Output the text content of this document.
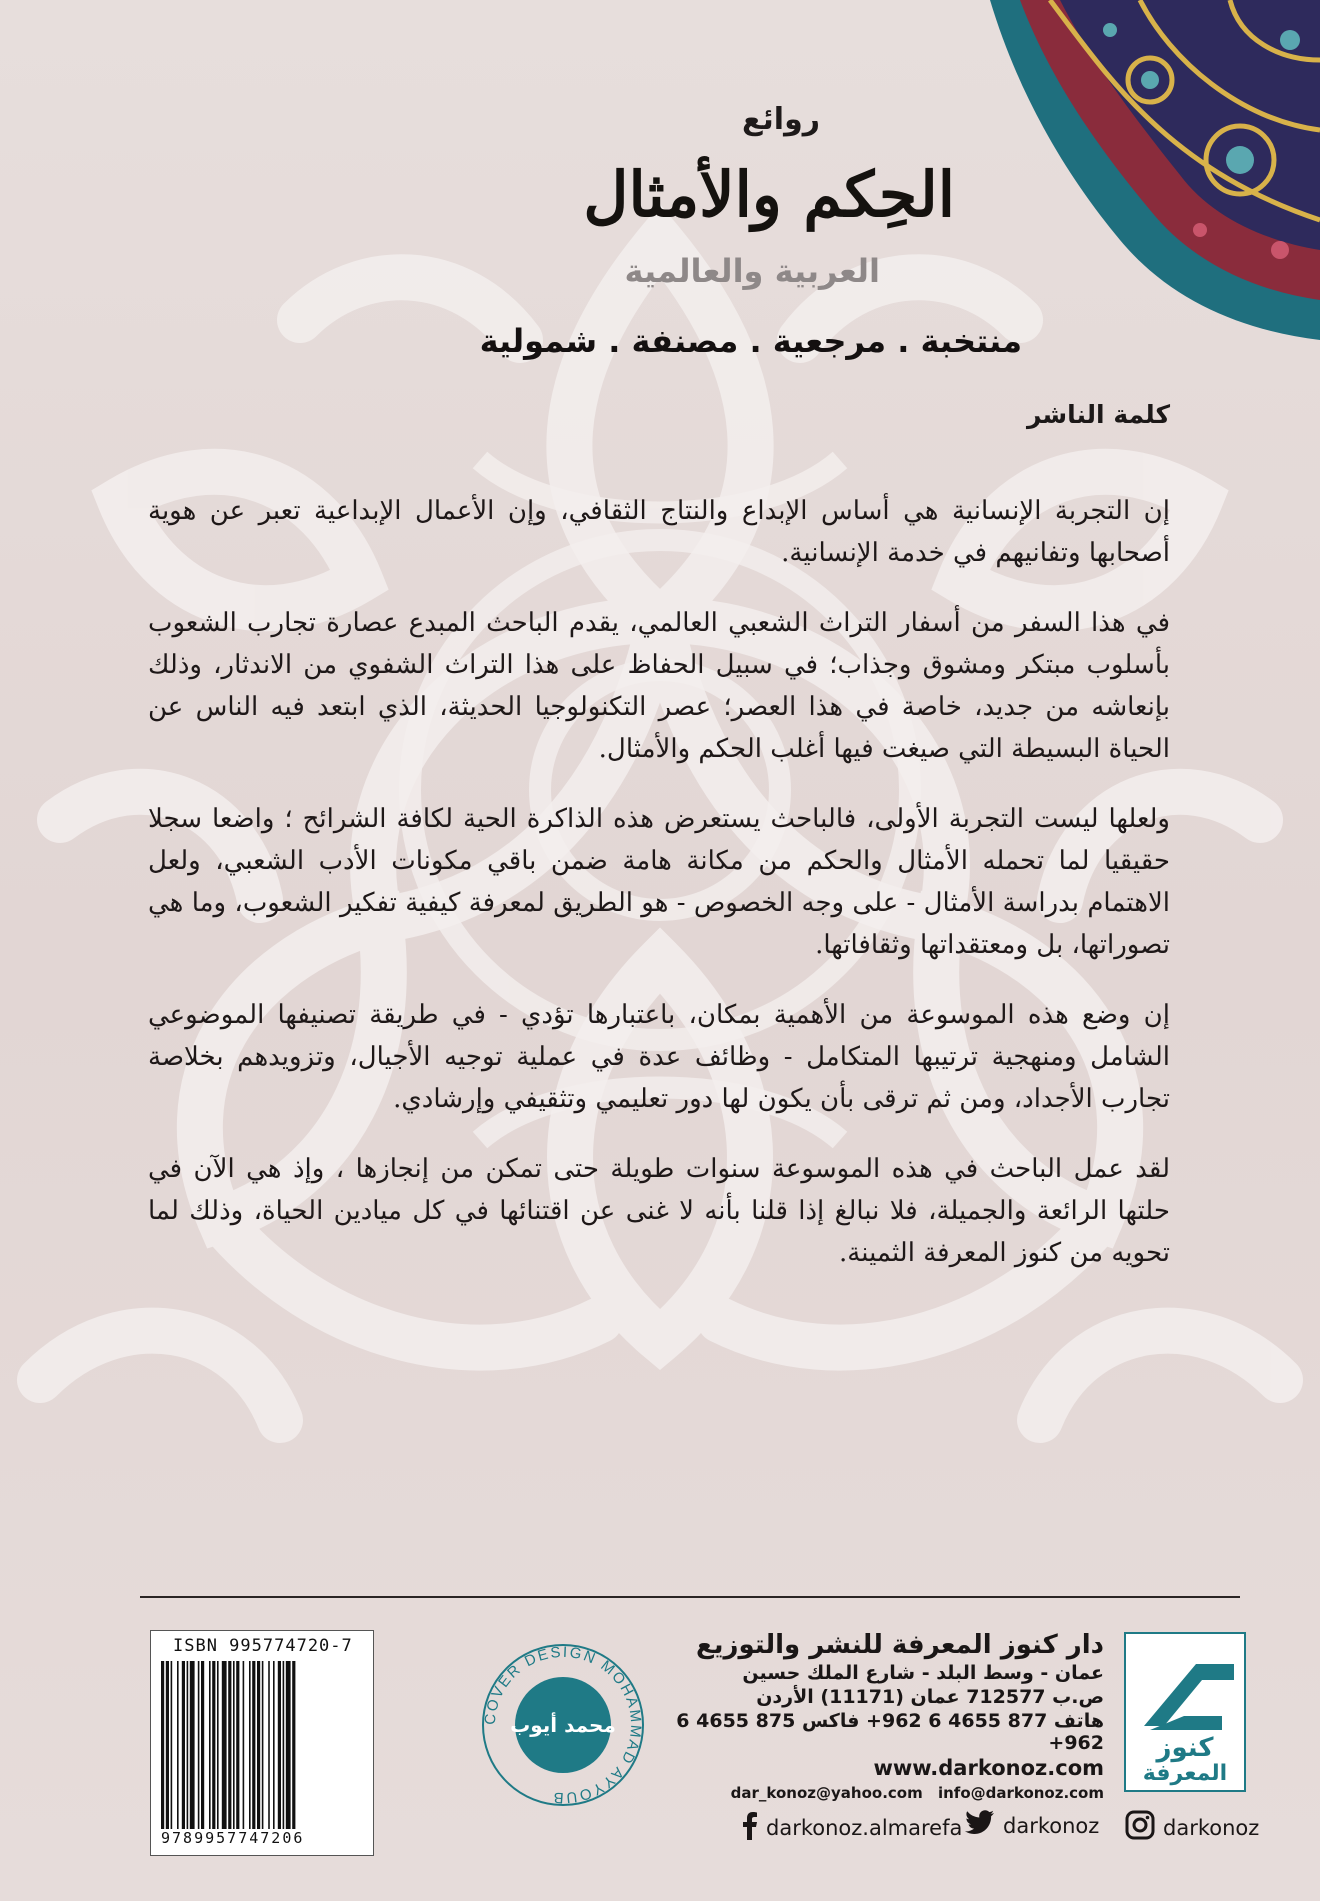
روائع
الحِكم والأمثال
العربية والعالمية
منتخبة . مرجعية . مصنفة . شمولية
كلمة الناشر

إن التجربة الإنسانية هي أساس الإبداع والنتاج الثقافي، وإن الأعمال الإبداعية تعبر عن هوية أصحابها وتفانيهم في خدمة الإنسانية.

في هذا السفر من أسفار التراث الشعبي العالمي، يقدم الباحث المبدع عصارة تجارب الشعوب بأسلوب مبتكر ومشوق وجذاب؛ في سبيل الحفاظ على هذا التراث الشفوي من الاندثار، وذلك بإنعاشه من جديد، خاصة في هذا العصر؛ عصر التكنولوجيا الحديثة، الذي ابتعد فيه الناس عن الحياة البسيطة التي صيغت فيها أغلب الحكم والأمثال.

ولعلها ليست التجربة الأولى، فالباحث يستعرض هذه الذاكرة الحية لكافة الشرائح ؛ واضعا سجلا حقيقيا لما تحمله الأمثال والحكم من مكانة هامة ضمن باقي مكونات الأدب الشعبي، ولعل الاهتمام بدراسة الأمثال - على وجه الخصوص - هو الطريق لمعرفة كيفية تفكير الشعوب، وما هي تصوراتها، بل ومعتقداتها وثقافاتها.

إن وضع هذه الموسوعة من الأهمية بمكان، باعتبارها تؤدي - في طريقة تصنيفها الموضوعي الشامل ومنهجية ترتيبها المتكامل - وظائف عدة في عملية توجيه الأجيال، وتزويدهم بخلاصة تجارب الأجداد، ومن ثم ترقى بأن يكون لها دور تعليمي وتثقيفي وإرشادي.

لقد عمل الباحث في هذه الموسوعة سنوات طويلة حتى تمكن من إنجازها ، وإذ هي الآن في حلتها الرائعة والجميلة، فلا نبالغ إذا قلنا بأنه لا غنى عن اقتنائها في كل ميادين الحياة، وذلك لما تحويه من كنوز المعرفة الثمينة.

ISBN 995774720-7
9789957747206
COVER DESIGN MOHAMMAD AYYOUB
محمد أيوب
دار كنوز المعرفة للنشر والتوزيع
عمان - وسط البلد - شارع الملك حسين
ص.ب 712577 عمان (11171) الأردن
هاتف 877 4655 6 962+ فاكس 875 4655 6 962+
www.darkonoz.com
dar_konoz@yahoo.com info@darkonoz.com
كنوز
المعرفة
darkonoz.almarefa darkonoz	darkonoz
